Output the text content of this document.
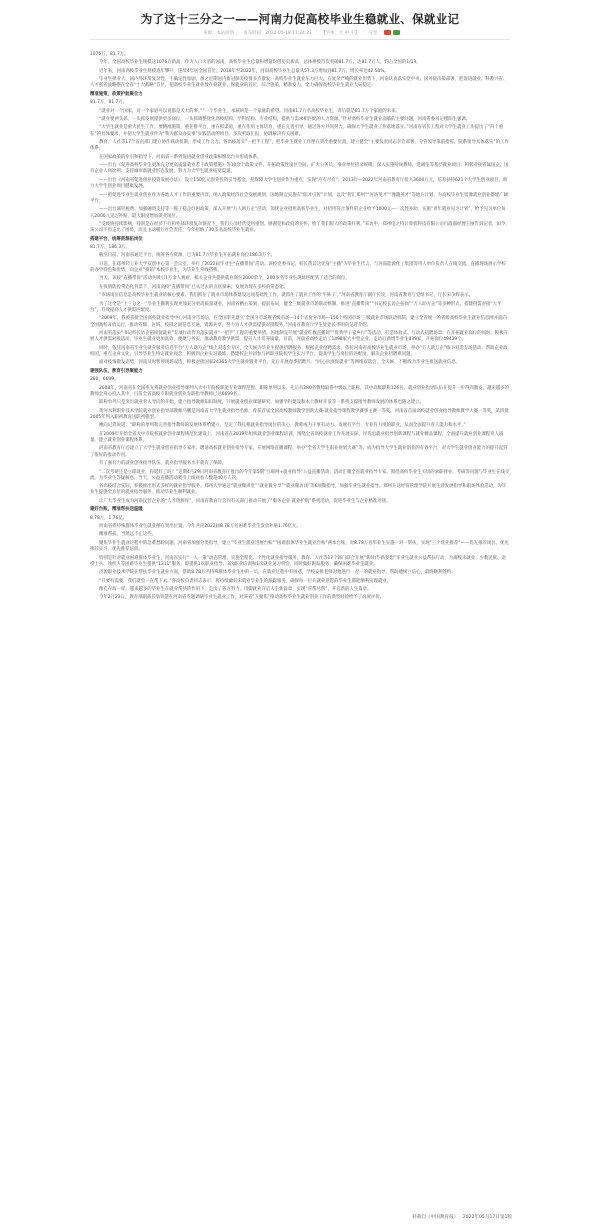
为了这十三分之一——河南力促高校毕业生稳就业、保就业记
来源：本站原创 发布时间：2022-05-18 17:24:21 【字体：大 中 小】 分享

1076万，81.7万。

今年，全国高校毕业生规模达1076万新高，作为人口大省的河南，高校毕业生总量和增量均创历史新高：总体规模首次突破81.7万，达81.7万人，约占全国的1/13。

近年来，河南高校毕业生规模逐年攀升，连续4年居全国首位。2018年至2022年，河南高校毕业生总量从57.3万增加到81.7万，增长率达42.58%。

毕业生择业大，国内外环境复杂性、不确定性加剧，加之近期国内新冠肺炎疫情多点散发，高校毕业生就业压力巨大。在复杂严峻的就业形势下，河南认真落实党中央、国务院决策部署，把促进就业、科教兴省、人才强省战略摆在全省“十大战略”首位，把高校毕业生就业放在稳就业、保就业的首位，综合施策，精准发力，全力确保高校毕业生就业大局稳定。

精准施策，政策护航聚合力

81.7万，81.7万。

“就业对一个国家，对一个家庭可以说都是天大的事。”“一个毕业生，承载的是一个家庭的希望。河南81.7万名高校毕业生，背后就是81.7万个家庭的未来。

“就业要两头抓，一头抓发展提供更多岗位，一头抓调整优化高校结构、学科结构、专业结构，提供与需求相匹配的人力资源。”针对高校毕业生就业面临的主要问题，河南省委书记楼阳生强调。

“大学生就业是重大民生工作，要精准施策，重在推平台，重在抓渠道，重在作用主体培育，重在完善引导，通过各方共同努力，确保大学生就业工作落地落实。”河南省省长王凯对大学生就业工作提出了“四个重在”的具体要求，并把大学生就业作为“我为群众办实事”实践活动的项目，多次听取汇报，协调解决有关困难。

教育、人社等17个省直部门建立协作联动机制，形成工作合力；各高校落实“一把手工程”，把毕业生就业工作摆在突出重要位置，建立健全“主要负责同志亲自部署、分管领导靠前指挥、院系领导具体落实”的工作体系。

在国家政策的牵引和指导下，河南省一系列促进就业创业政策相继出台并形成体系。

——出台《促进高校毕业生更加充分更高质量就业若干政策措施》等10余个政策文件，开拓政策性岗位空间，扩大公务员、事业单位招录规模；深入实施特岗教师、选调生等基层就业项目；积极对接省属国企、国有企业人岗比例；支持城市新就业形态发展，努力为大学生就业拓宽渠道。

——出台《河南省促进创业投资发展办法》，设立150亿元创业投资引导基金，把保障大学生创业作为重点，实现“应有尽有”。2013年—2022年河南省教育厅投入3600万元，培育扶持621个大学生创业项目，助力大学生创业项目健康发展。

——把促进毕业生就业创业作为各地人才工作的重要内容，纳入政策经济社会发展规划，因地制宜实施有“阳才引智”计划，以及“智汇郑州”“河洛英才”“豫籍英才”等地方计划，为高校毕业生留豫就业创业搭建广阔平台。

——出台减轻税费、加强融资支持等一揽子稳企纾困政策，深入开展“万人助万企”活动，领优企业招用高校毕业生，对招用符合条件的企业给予1000元—一次性补助；实施“青年就业见习计划”，给予见习单位每人2000元见习补贴，最大限度增加就业岗位。

“受疫情持续影响，特别是在经济下行和外部环境复杂情况下，我们公司经营受到重创。感谢党和政府的关怀，给了我们很大的政策红利。”采访中，郑州电之特计算机科技有限公司行政部经理王丽告诉记者，如今，该公司不但走出了困境，而且主动履行社会责任，今年招纳了30多名高校毕业生就业。

搭建平台，统筹资源拓岗位

81.7万，186.3万。

截至目前，河南省通过平台，统筹各方资源，已为81.7万毕业生开拓就业岗位186.3万个。

日前，在郑州轻工业大学双创中心第一会议室，举行了2022届毕业生“直播带岗”活动。该校党委书记、校长黄其达化身“主播”为毕业生代言，与河南能源化工集团等用人单位负责人在线交流，直播现场展示学校的办学特色和优势，向企业“推销”本校毕业生，为毕业生牵线搭桥。

当天，该校“直播带岗”活动共吸引1万余人观看，相关企业共提供就业岗位2000余个，200多名毕业生现场匹配到了适合的岗位。

在疫情防控常态化背景下，河南高校“直播带岗”已从过去的点状探索，发展为现在多校的常态化。

“市场岗位信息是高校毕业生就业的核心要素。我们抓住了就业市场体系建设这项基础性工作，就抓住了就业工作的‘牛鼻子’。”河南省教育厅副厅长说，河南省教育厅党组书记、厅长宋争辉表示。

为了这全是“十三分之一”毕业生顺利实现更加充分更高质量就业，河南省精心策划，提前布局，健全三级就业市场联动机制，推进“直播带岗”“书记校长访企拓岗”“万人助万企”等多种形式，搭建供需对接“大平台”，有效提高人才供需匹配度。

“2009年，我被获批全国高校就业指导中心河南分市场后，在全国率先建立‘全国分市场暨省级市场—14个省份分市场—156个校园市场’三级就业市场联动机制，建立全省统一的省级高校毕业生就业信息网并面向全国高校开放运行，推动省级、区域、校园之间信息互通，资源共享，努力为人才供需提供对接服务。”河南省教育厅学生处处长李明向记者介绍。

河南省落实“书记校长访企拓岗促就业”专项行动作为落实就业“一把手”工程的重要举措，因地制宜开展“就业红旗直播间”“优秀学子家乡行”等活动，打造体验式、互动式招聘场景；在开拓就业岗位的同时，积极开展人才供需对接活动，毕业生就业更加高效、便捷与务实，推动教育教学供需，提升人才培养质量。目前，河南省高校走访了1498家大中型企业，走访后新增毕业生839家，开拓岗位49439个。

同时，依托河南省毕业生就业服务信息平台“万人助万企”线上双选会专区，全天候为毕业生提供招聘服务；根据企业招聘需求，依托河南省高校毕业生就业市场，举办“万人助万企”线下双选专场活动；帮助企业政校园，重点企业文化，引导毕业生特定就业观念，积极到企业实习锻炼；搭建校企共同参与初职业院校学生实习平台，提高学生与岗位的匹配度，解决企业招聘难问题。

面对疫情散发态势，河南及时暂停现场双选，积极对接国家24365大学生就业服务平台，先后开展春季招聘月、“同心抗疫促就业”等网络双选会，全天候、不断线为毕业生推送就业信息。

建强队伍，教育引导聚能力

280，6699。

2008年，河南省在全国率先将就业创业指导课列入大中专院校职能专业课程范围，职称单列以来，先后有280名教师取得中级以上职称，其中高级职称126名。就业创业指导队伍在提升一步得到激发，越来越多的教师全身心投入其中，目前全省高校专职就业创业专职指导教师已达6699名。

职称单列只是突出就业育人导向的开始，建立指导教师知识制度，开展就业创业课题研究、加强学科建设和本土教材开发等一系列支撑指导教师发展的体系也随之建立。

黄河水利职业技术学院就业创业指导部教师马鹏是河南省大学生就业指导名师，曾获首届全国高校教师教学创新大赛·就业指导课程教学赛事主赛一等奖。河南省首届高校就业创业指导教师教学大赛一等奖，第四批2005年列入职初教育送职初模型。

她向记者说道：“职称的单列和完善指导教师的发展体系给建立，坚定了我扎根就业指导岗位的决心，教师成为干事有动力、发展有平台、专业有力度的职业，从而全面提升育人能力和水平。”

在2009年开始全省大中专院校就业创业课程规范化建设上，河南省在2019年组织就业创业课程培训，围绕全省高校就业工作开展实际，评选出就业指导创新课程与就业精品课程，全面提升就业创业课程育人质量，建立就业创业课程体系。

河南省教育厅还建立了大学生就业创业指导专家库，聘请高校就业创业指导专家，开展网络直播课程，举办“全省大学生职业规划大赛”等，成为指导大学生就业创业的有效平台，对大学生就业创业能力的提升起到了很好的推动作用。

有了强有力的就业创业指导队伍，就业指导服务水平就有了保障。

“二次考研还是立即就业，你愿好了吗？”近期4月29日河南省教育厅推出的今年第5期“互联网+就业指导”公益直播活动，活动汇聚全省就业指导专家，围绕高校毕业生关切的求职择业、考研等问题与毕业生在线交流，为毕业生答疑解惑。当天，公益直播活动吸引上线观看人数超40万人次。

各高校结合实际，积极推出形式多样的就业指导服务。郑州大学通过“就业微讲堂”“就业微分享”“就业微访谈”等6项微指导，加强毕业生就业指导。郑州升达经贸管理学院开展生涯发展指导和职场体验活动，为毕业生提供全方位的就业指导服务，推动毕业生顺利就业。

让广大毕业生成为河南民营企业的“人才资源库”，河南省教育厅会同有关部门推动开展了“服务企业·就业护航”系列活动，促进毕业生与企业精准对接。

建好台账，精准帮扶送温暖

8.78万，1.76亿。

河南省将特殊群体毕业生就业摆在突出位置，今年共向2022届8.78万名困难毕业生发放补贴1.76亿元。

精准帮扶，当然远不止这些。

聚焦毕业生就业过程中的急难愁盼问题，河南省加强分类指导，建立“毕业生就业进展台账”“困难群体毕业生就业台账”两本台账，对8.78万名毕业生实施一对一帮扶，实现“三个优先推荐”——优先推荐岗位、优先推荐实习、优先推荐培训。

特别是针对就业困难群体毕业生，河南省实行“一人一策”动态管理，实施全程化、个性化就业指导服务。教育、人社等17个部门联合开展“新时代·新梦想”毕业生就业公益帮扶行动，为离校未就业、少数民族、退役士兵、残疾人等困难毕业生提供“1311”服务，即提供1次职业指导、3次职业培训和1次就业见习机会，同时做好跟踪服务，确保困难毕业生就业。

济源职业技术学院在帮扶毕业生就业方面，借助8.78万名特殊群体毕业生中的一员，在就业过程中有困惑，学校安排老师对他进行一对一的就业指导，帮助他树立信心，最终顺利签约。

“只要有需要，我们就会一直帮下去。”各高校负责同志表示，将持续做好未就业毕业生的跟踪服务，确保每一位有就业意愿的毕业生都能顺利实现就业。

像孔存波一样，越来越多的毕业生在就业帮扶的作用下，走出了各方努力，用脚就业开启人生新篇章，实现“应帮尽帮”，开启新的人生篇章。

今年2月23日，教育部副部长翁铁慧在河南省专题调研毕业生就业工作，对该省“五聚焦”推动高校毕业生就业创业工作的典型经验给予了高度评价。

转载自《中国教育报》 2022年05月17日第1版
